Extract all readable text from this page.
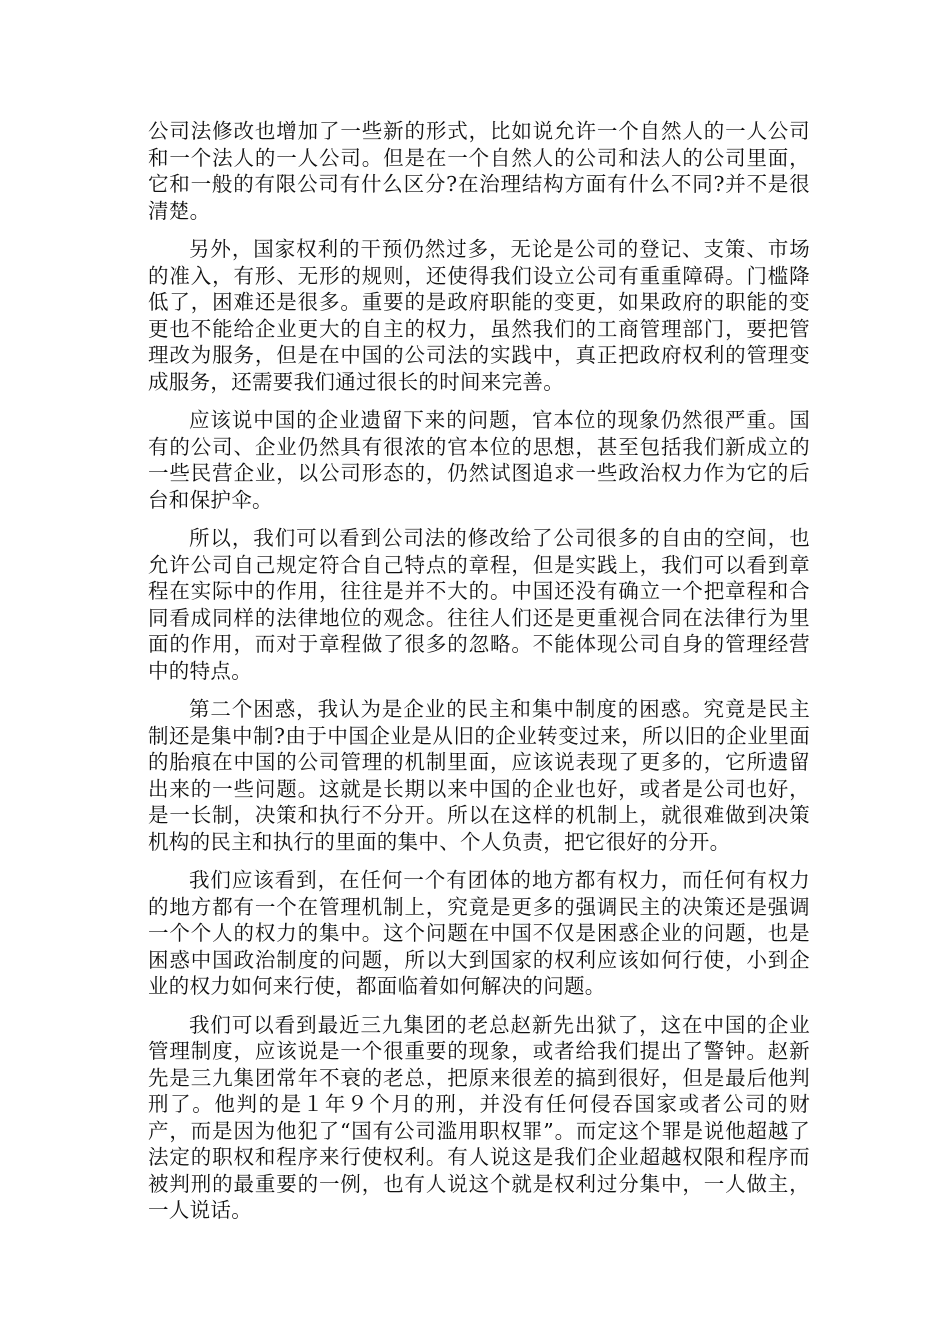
公司法修改也增加了一些新的形式，比如说允许一个自然人的一人公司和一个法人的一人公司。但是在一个自然人的公司和法人的公司里面，它和一般的有限公司有什么区分?在治理结构方面有什么不同?并不是很清楚。

另外，国家权利的干预仍然过多，无论是公司的登记、支策、市场的准入，有形、无形的规则，还使得我们设立公司有重重障碍。门槛降低了，困难还是很多。重要的是政府职能的变更，如果政府的职能的变更也不能给企业更大的自主的权力，虽然我们的工商管理部门，要把管理改为服务，但是在中国的公司法的实践中，真正把政府权利的管理变成服务，还需要我们通过很长的时间来完善。

应该说中国的企业遗留下来的问题，官本位的现象仍然很严重。国有的公司、企业仍然具有很浓的官本位的思想，甚至包括我们新成立的一些民营企业，以公司形态的，仍然试图追求一些政治权力作为它的后台和保护伞。

所以，我们可以看到公司法的修改给了公司很多的自由的空间，也允许公司自己规定符合自己特点的章程，但是实践上，我们可以看到章程在实际中的作用，往往是并不大的。中国还没有确立一个把章程和合同看成同样的法律地位的观念。往往人们还是更重视合同在法律行为里面的作用，而对于章程做了很多的忽略。不能体现公司自身的管理经营中的特点。

第二个困惑，我认为是企业的民主和集中制度的困惑。究竟是民主制还是集中制?由于中国企业是从旧的企业转变过来，所以旧的企业里面的胎痕在中国的公司管理的机制里面，应该说表现了更多的，它所遗留出来的一些问题。这就是长期以来中国的企业也好，或者是公司也好，是一长制，决策和执行不分开。所以在这样的机制上，就很难做到决策机构的民主和执行的里面的集中、个人负责，把它很好的分开。

我们应该看到，在任何一个有团体的地方都有权力，而任何有权力的地方都有一个在管理机制上，究竟是更多的强调民主的决策还是强调一个个人的权力的集中。这个问题在中国不仅是困惑企业的问题，也是困惑中国政治制度的问题，所以大到国家的权利应该如何行使，小到企业的权力如何来行使，都面临着如何解决的问题。

我们可以看到最近三九集团的老总赵新先出狱了，这在中国的企业管理制度，应该说是一个很重要的现象，或者给我们提出了警钟。赵新先是三九集团常年不衰的老总，把原来很差的搞到很好，但是最后他判刑了。他判的是１年９个月的刑，并没有任何侵吞国家或者公司的财产，而是因为他犯了“国有公司滥用职权罪”。而定这个罪是说他超越了法定的职权和程序来行使权利。有人说这是我们企业超越权限和程序而被判刑的最重要的一例，也有人说这个就是权利过分集中，一人做主，一人说话。
